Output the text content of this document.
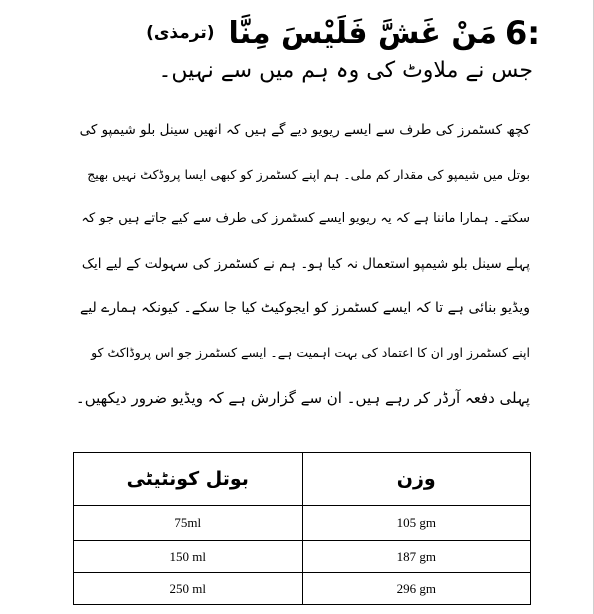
(ترمذی) مَنْ غَشَّ فَلَيْسَ مِنَّا 6:
جس نے ملاوٹ کی وہ ہم میں سے نہیں۔
کچھ کسٹمرز کی طرف سے ایسے ریویو دیے گے ہیں کہ انھیں سینل بلو شیمپو کی
بوتل میں شیمپو کی مقدار کم ملی۔ ہم اپنے کسٹمرز کو کبھی ایسا پروڈکٹ نہیں بھیج
سکتے۔ ہمارا ماننا ہے کہ یہ ریویو ایسے کسٹمرز کی طرف سے کیے جاتے ہیں جو کہ
پہلے سینل بلو شیمپو استعمال نہ کیا ہو۔ ہم نے کسٹمرز کی سہولت کے لیے ایک
ویڈیو بنائی ہے تا کہ ایسے کسٹمرز کو ایجوکیٹ کیا جا سکے۔ کیونکہ ہمارے لیے
اپنے کسٹمرز اور ان کا اعتماد کی بہت اہمیت ہے۔ ایسے کسٹمرز جو اس پروڈاکٹ کو
پہلی دفعہ آرڈر کر رہے ہیں۔ ان سے گزارش ہے کہ ویڈیو ضرور دیکھیں۔
بوتل کونٹیٹی	وزن
75ml	105 gm
150 ml	187 gm
250 ml	296 gm
